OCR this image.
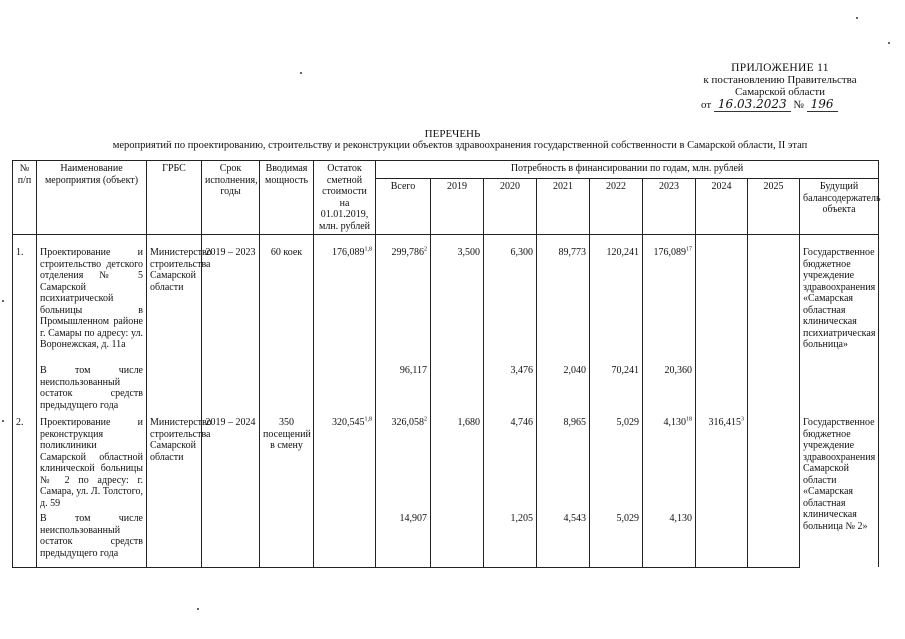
ПРИЛОЖЕНИЕ 11
к постановлению Правительства
Самарской области
от 16.03.2023 № 196
ПЕРЕЧЕНЬ
мероприятий по проектированию, строительству и реконструкции объектов здравоохранения государственной собственности в Самарской области, II этап
№ п/п	Наименование мероприятия (объект)	ГРБС	Срок исполнения, годы	Вводимая мощность	Остаток сметной стоимости на 01.01.2019, млн. рублей	Потребность в финансировании по годам, млн. рублей								
						Всего	2019	2020	2021	2022	2023	2024	2025	Будущий балансодержатель объекта

1.	Проектирование и строительство детского отделения № 5 Самарской психиатрической больницы в Промышленном районе г. Самары по адресу: ул. Воронежская, д. 11а	Министерство строительства Самарской области	2019 – 2023	60 коек	176,089$^{1,8}$	299,786$^2$	3,500	6,300	89,773	120,241	176,089$^{17}$			Государственное бюджетное учреждение здравоохранения «Самарская областная клиническая психиатрическая больница»
	В том числе неиспользованный остаток средств предыдущего года					96,117		3,476	2,040	70,241	20,360			
2.	Проектирование и реконструкция поликлиники Самарской областной клинической больницы № 2 по адресу: г. Самара, ул. Л. Толстого, д. 59	Министерство строительства Самарской области	2019 – 2024	350 посещений в смену	320,545$^{1,8}$	326,058$^2$	1,680	4,746	8,965	5,029	4,130$^{18}$	316,415$^3$		Государственное бюджетное учреждение здравоохранения Самарской области «Самарская областная клиническая больница № 2»
	В том числе неиспользованный остаток средств предыдущего года					14,907		1,205	4,543	5,029	4,130			
